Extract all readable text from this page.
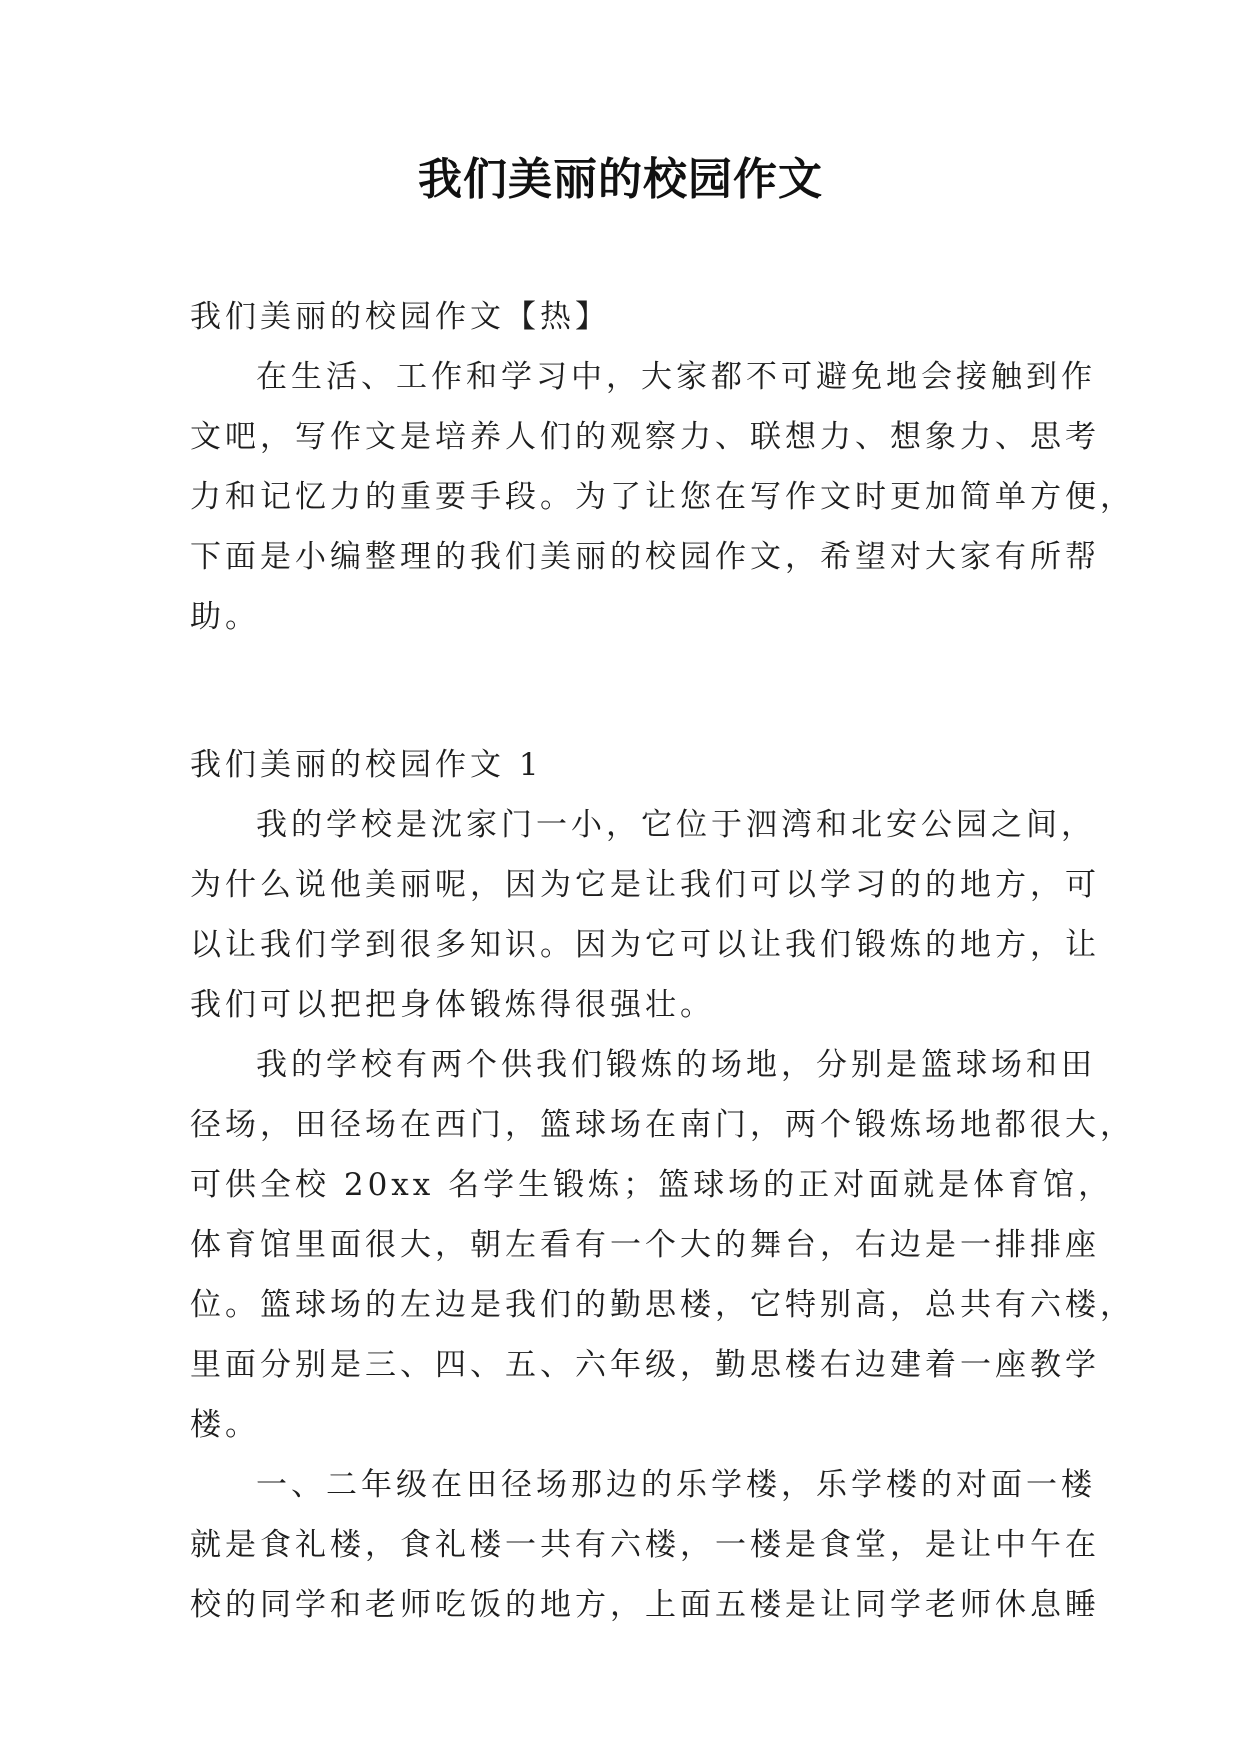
我们美丽的校园作文
我们美丽的校园作文【热】
在生活、工作和学习中，大家都不可避免地会接触到作
文吧，写作文是培养人们的观察力、联想力、想象力、思考
力和记忆力的重要手段。为了让您在写作文时更加简单方便，
下面是小编整理的我们美丽的校园作文，希望对大家有所帮
助。
我们美丽的校园作文 1
我的学校是沈家门一小，它位于泗湾和北安公园之间，
为什么说他美丽呢，因为它是让我们可以学习的的地方，可
以让我们学到很多知识。因为它可以让我们锻炼的地方，让
我们可以把把身体锻炼得很强壮。
我的学校有两个供我们锻炼的场地，分别是篮球场和田
径场，田径场在西门，篮球场在南门，两个锻炼场地都很大，
可供全校 20xx 名学生锻炼；篮球场的正对面就是体育馆，
体育馆里面很大，朝左看有一个大的舞台，右边是一排排座
位。篮球场的左边是我们的勤思楼，它特别高，总共有六楼，
里面分别是三、四、五、六年级，勤思楼右边建着一座教学
楼。
一、二年级在田径场那边的乐学楼，乐学楼的对面一楼
就是食礼楼，食礼楼一共有六楼，一楼是食堂，是让中午在
校的同学和老师吃饭的地方，上面五楼是让同学老师休息睡
